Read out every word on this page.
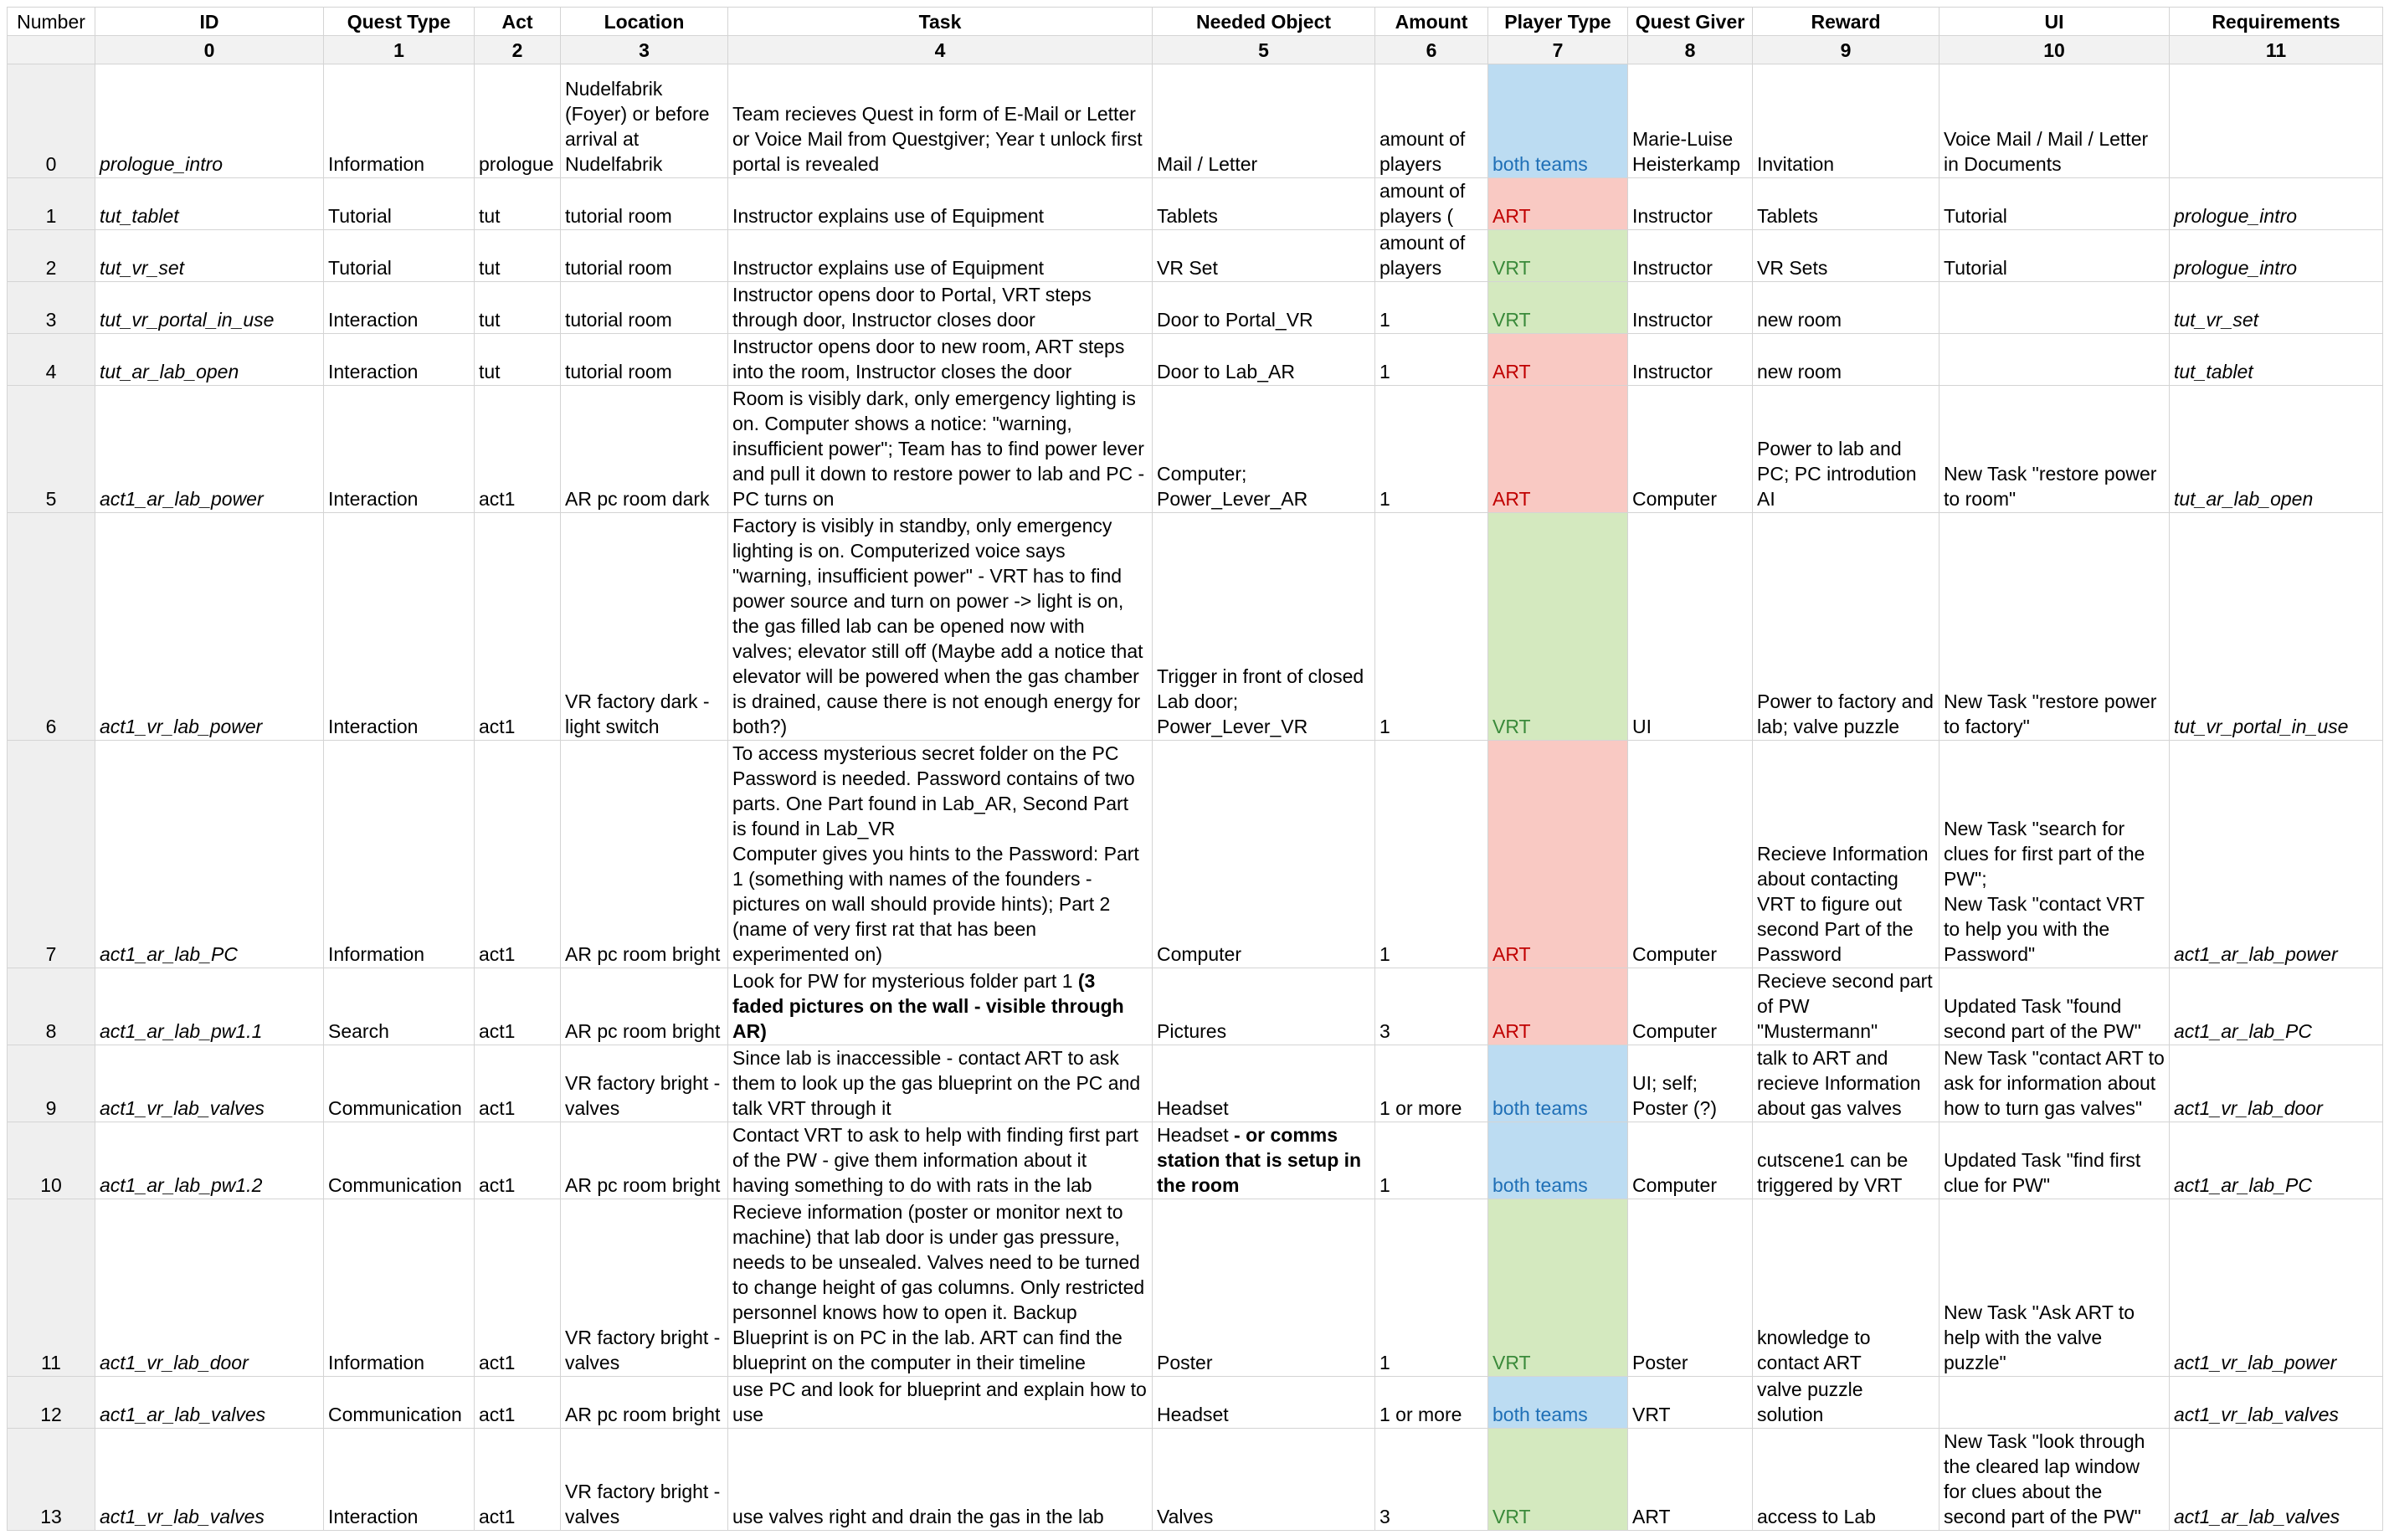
Number	ID	Quest Type	Act	Location	Task	Needed Object	Amount	Player Type	Quest Giver	Reward	UI	Requirements
	0	1	2	3	4	5	6	7	8	9	10	11
0	prologue_intro	Information	prologue	Nudelfabrik (Foyer) or before arrival at Nudelfabrik	Team recieves Quest in form of E-Mail or Letter or Voice Mail from Questgiver; Year t unlock first portal is revealed	Mail / Letter	amount of players	both teams	Marie-Luise Heisterkamp	Invitation	Voice Mail / Mail / Letter in Documents	
1	tut_tablet	Tutorial	tut	tutorial room	Instructor explains use of Equipment	Tablets	amount of players (	ART	Instructor	Tablets	Tutorial	prologue_intro
2	tut_vr_set	Tutorial	tut	tutorial room	Instructor explains use of Equipment	VR Set	amount of players	VRT	Instructor	VR Sets	Tutorial	prologue_intro
3	tut_vr_portal_in_use	Interaction	tut	tutorial room	Instructor opens door to Portal, VRT steps through door, Instructor closes door	Door to Portal_VR	1	VRT	Instructor	new room		tut_vr_set
4	tut_ar_lab_open	Interaction	tut	tutorial room	Instructor opens door to new room, ART steps into the room, Instructor closes the door	Door to Lab_AR	1	ART	Instructor	new room		tut_tablet
5	act1_ar_lab_power	Interaction	act1	AR pc room dark	Room is visibly dark, only emergency lighting is on. Computer shows a notice: "warning, insufficient power"; Team has to find power lever and pull it down to restore power to lab and PC - PC turns on	Computer; Power_Lever_AR	1	ART	Computer	Power to lab and PC; PC introdution AI	New Task "restore power to room"	tut_ar_lab_open
6	act1_vr_lab_power	Interaction	act1	VR factory dark - light switch	Factory is visibly in standby, only emergency lighting is on. Computerized voice says "warning, insufficient power" - VRT has to find power source and turn on power -> light is on, the gas filled lab can be opened now with valves; elevator still off (Maybe add a notice that elevator will be powered when the gas chamber is drained, cause there is not enough energy for both?)	Trigger in front of closed Lab door; Power_Lever_VR	1	VRT	UI	Power to factory and lab; valve puzzle	New Task "restore power to factory"	tut_vr_portal_in_use
7	act1_ar_lab_PC	Information	act1	AR pc room bright	To access mysterious secret folder on the PC Password is needed. Password contains of two parts. One Part found in Lab_AR, Second Part is found in Lab_VR
Computer gives you hints to the Password: Part 1 (something with names of the founders - pictures on wall should provide hints); Part 2 (name of very first rat that has been experimented on)	Computer	1	ART	Computer	Recieve Information about contacting VRT to figure out second Part of the Password	New Task "search for clues for first part of the PW";
New Task "contact VRT to help you with the Password"	act1_ar_lab_power
8	act1_ar_lab_pw1.1	Search	act1	AR pc room bright	Look for PW for mysterious folder part 1 (3 faded pictures on the wall - visible through AR)	Pictures	3	ART	Computer	Recieve second part of PW "Mustermann"	Updated Task "found second part of the PW"	act1_ar_lab_PC
9	act1_vr_lab_valves	Communication	act1	VR factory bright - valves	Since lab is inaccessible - contact ART to ask them to look up the gas blueprint on the PC and talk VRT through it	Headset	1 or more	both teams	UI; self; Poster (?)	talk to ART and recieve Information about gas valves	New Task "contact ART to ask for information about how to turn gas valves"	act1_vr_lab_door
10	act1_ar_lab_pw1.2	Communication	act1	AR pc room bright	Contact VRT to ask to help with finding first part of the PW - give them information about it having something to do with rats in the lab	Headset - or comms station that is setup in the room	1	both teams	Computer	cutscene1 can be triggered by VRT	Updated Task "find first clue for PW"	act1_ar_lab_PC
11	act1_vr_lab_door	Information	act1	VR factory bright - valves	Recieve information (poster or monitor next to machine) that lab door is under gas pressure, needs to be unsealed. Valves need to be turned to change height of gas columns. Only restricted personnel knows how to open it. Backup Blueprint is on PC in the lab. ART can find the blueprint on the computer in their timeline	Poster	1	VRT	Poster	knowledge to contact ART	New Task "Ask ART to help with the valve puzzle"	act1_vr_lab_power
12	act1_ar_lab_valves	Communication	act1	AR pc room bright	use PC and look for blueprint and explain how to use	Headset	1 or more	both teams	VRT	valve puzzle solution		act1_vr_lab_valves
13	act1_vr_lab_valves	Interaction	act1	VR factory bright - valves	use valves right and drain the gas in the lab	Valves	3	VRT	ART	access to Lab	New Task "look through the cleared lap window for clues about the second part of the PW"	act1_ar_lab_valves
